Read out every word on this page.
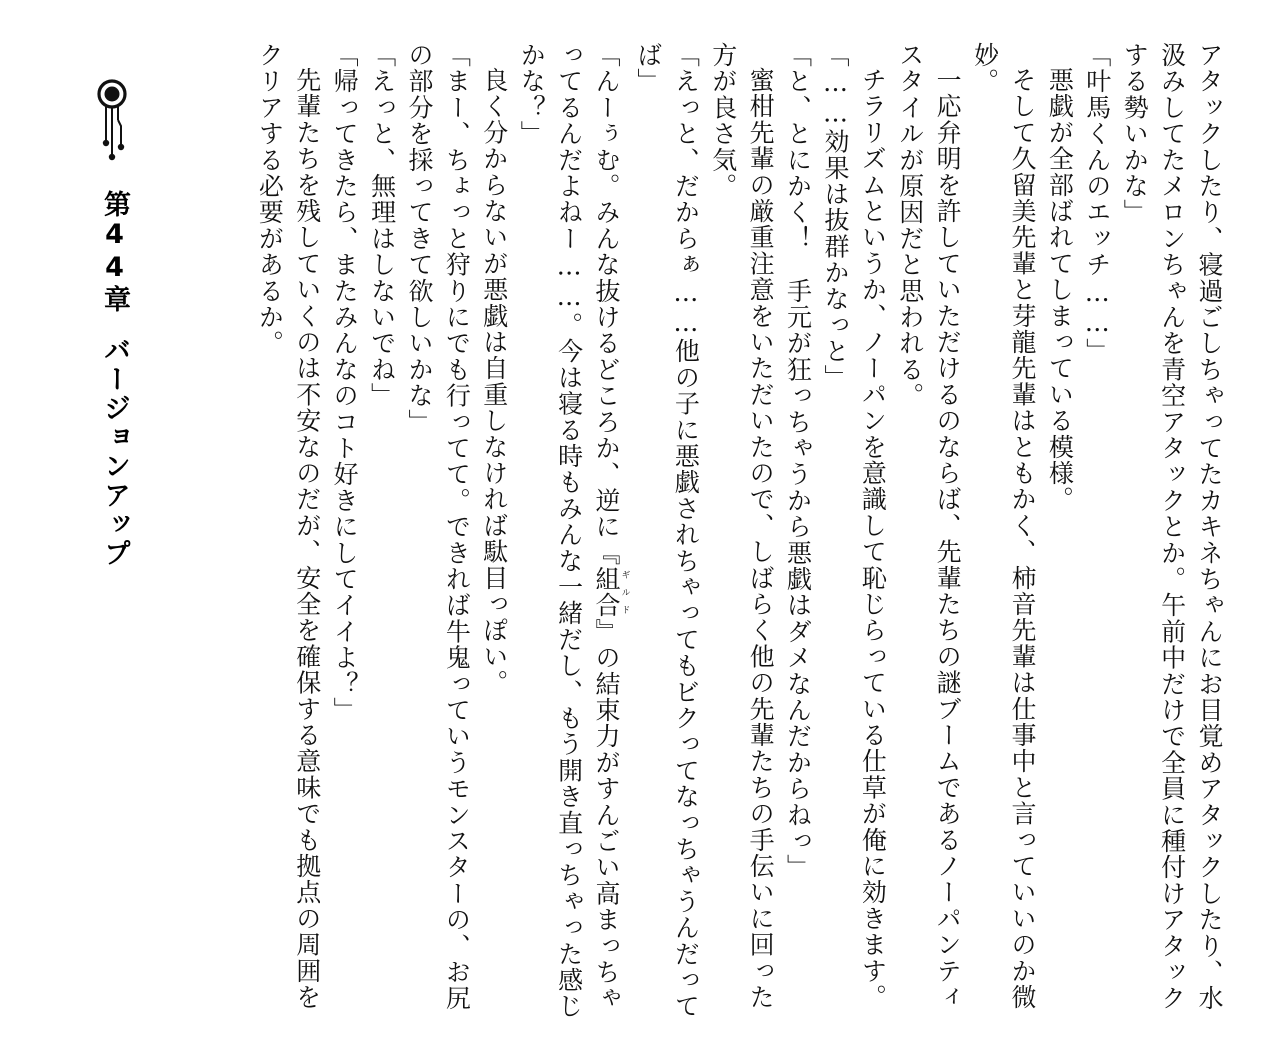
第44章バージョンアップ	アタックしたり、寝過ごしちゃってたカキネちゃんにお目覚めアタックしたり、水汲みしてたメロンちゃんを青空アタックとか。午前中だけで全員に種付けアタックする勢いかな」

「叶馬くんのエッチ……」

悪戯が全部ばれてしまっている模様。

そして久留美先輩と芽龍先輩はともかく、柿音先輩は仕事中と言っていいのか微妙。

一応弁明を許していただけるのならば、先輩たちの謎ブームであるノーパンティスタイルが原因だと思われる。

チラリズムというか、ノーパンを意識して恥じらっている仕草が俺に効きます。

「……効果は抜群かなっと」

「と、とにかく！　手元が狂っちゃうから悪戯はダメなんだからねっ」

蜜柑先輩の厳重注意をいただいたので、しばらく他の先輩たちの手伝いに回った方が良さ気。

「えっと、だからぁ……他の子に悪戯されちゃってもビクってなっちゃうんだってば」

「んーぅむ。みんな抜けるどころか、逆に『組合ギルド』の結束力がすんごい高まっちゃってるんだよねー……。今は寝る時もみんな一緒だし、もう開き直っちゃった感じかな？」

良く分からないが悪戯は自重しなければ駄目っぽい。

「まー、ちょっと狩りにでも行ってて。できれば牛鬼っていうモンスターの、お尻の部分を採ってきて欲しいかな」

「えっと、無理はしないでね」

「帰ってきたら、またみんなのコト好きにしてイイよ？」

先輩たちを残していくのは不安なのだが、安全を確保する意味でも拠点の周囲をクリアする必要があるか。
